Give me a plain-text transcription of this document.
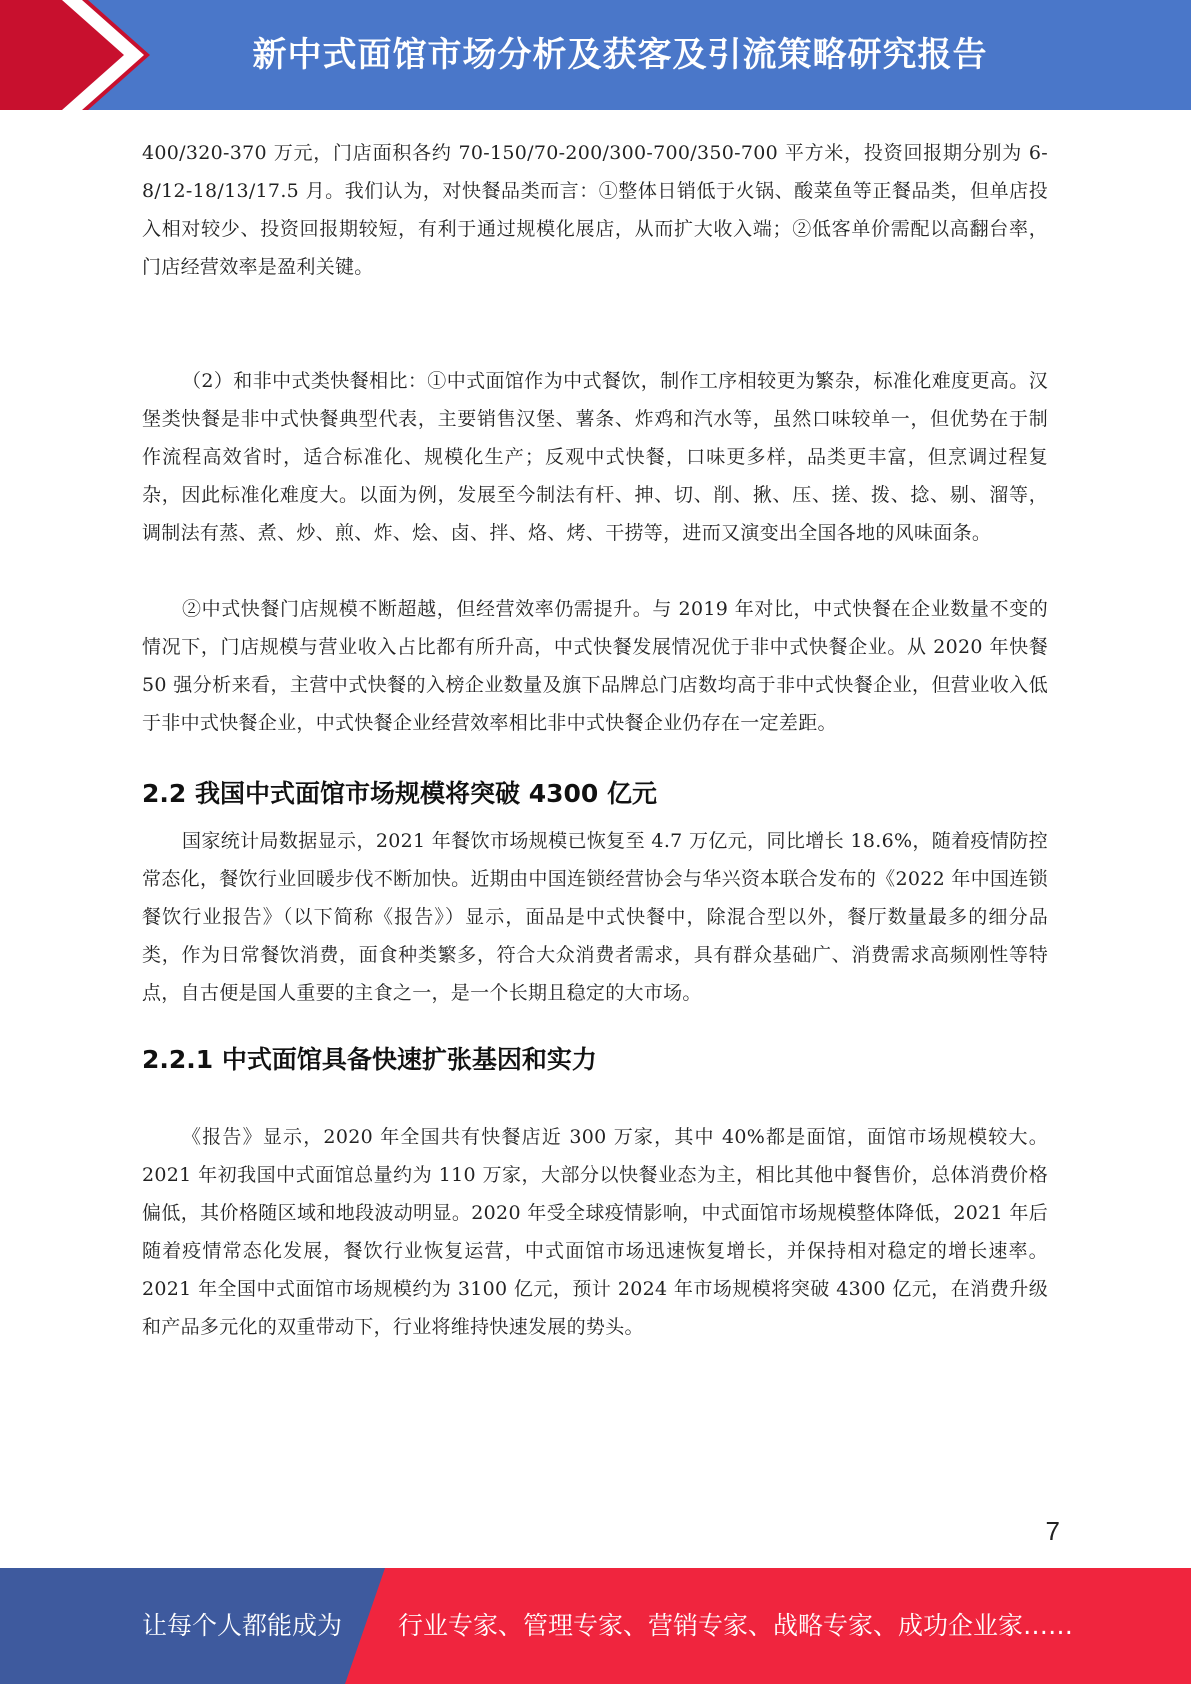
新中式面馆市场分析及获客及引流策略研究报告

400/320-370 万元，门店面积各约 70-150/70-200/300-700/350-700 平方米，投资回报期分别为 6-8/12-18/13/17.5 月。我们认为，对快餐品类而言：①整体日销低于火锅、酸菜鱼等正餐品类，但单店投入相对较少、投资回报期较短，有利于通过规模化展店，从而扩大收入端；②低客单价需配以高翻台率，门店经营效率是盈利关键。

（2）和非中式类快餐相比：①中式面馆作为中式餐饮，制作工序相较更为繁杂，标准化难度更高。汉堡类快餐是非中式快餐典型代表，主要销售汉堡、薯条、炸鸡和汽水等，虽然口味较单一，但优势在于制作流程高效省时，适合标准化、规模化生产；反观中式快餐，口味更多样，品类更丰富，但烹调过程复杂，因此标准化难度大。以面为例，发展至今制法有杆、抻、切、削、揪、压、搓、拨、捻、剔、溜等，调制法有蒸、煮、炒、煎、炸、烩、卤、拌、烙、烤、干捞等，进而又演变出全国各地的风味面条。

②中式快餐门店规模不断超越，但经营效率仍需提升。与 2019 年对比，中式快餐在企业数量不变的情况下，门店规模与营业收入占比都有所升高，中式快餐发展情况优于非中式快餐企业。从 2020 年快餐 50 强分析来看，主营中式快餐的入榜企业数量及旗下品牌总门店数均高于非中式快餐企业，但营业收入低于非中式快餐企业，中式快餐企业经营效率相比非中式快餐企业仍存在一定差距。

2.2 我国中式面馆市场规模将突破 4300 亿元

国家统计局数据显示，2021 年餐饮市场规模已恢复至 4.7 万亿元，同比增长 18.6%，随着疫情防控常态化，餐饮行业回暖步伐不断加快。近期由中国连锁经营协会与华兴资本联合发布的《2022 年中国连锁餐饮行业报告》（以下简称《报告》）显示，面品是中式快餐中，除混合型以外，餐厅数量最多的细分品类，作为日常餐饮消费，面食种类繁多，符合大众消费者需求，具有群众基础广、消费需求高频刚性等特点，自古便是国人重要的主食之一，是一个长期且稳定的大市场。

2.2.1 中式面馆具备快速扩张基因和实力

《报告》显示，2020 年全国共有快餐店近 300 万家，其中 40%都是面馆，面馆市场规模较大。2021 年初我国中式面馆总量约为 110 万家，大部分以快餐业态为主，相比其他中餐售价，总体消费价格偏低，其价格随区域和地段波动明显。2020 年受全球疫情影响，中式面馆市场规模整体降低，2021 年后随着疫情常态化发展，餐饮行业恢复运营，中式面馆市场迅速恢复增长，并保持相对稳定的增长速率。2021 年全国中式面馆市场规模约为 3100 亿元，预计 2024 年市场规模将突破 4300 亿元，在消费升级和产品多元化的双重带动下，行业将维持快速发展的势头。

7
让每个人都能成为 行业专家、管理专家、营销专家、战略专家、成功企业家……
